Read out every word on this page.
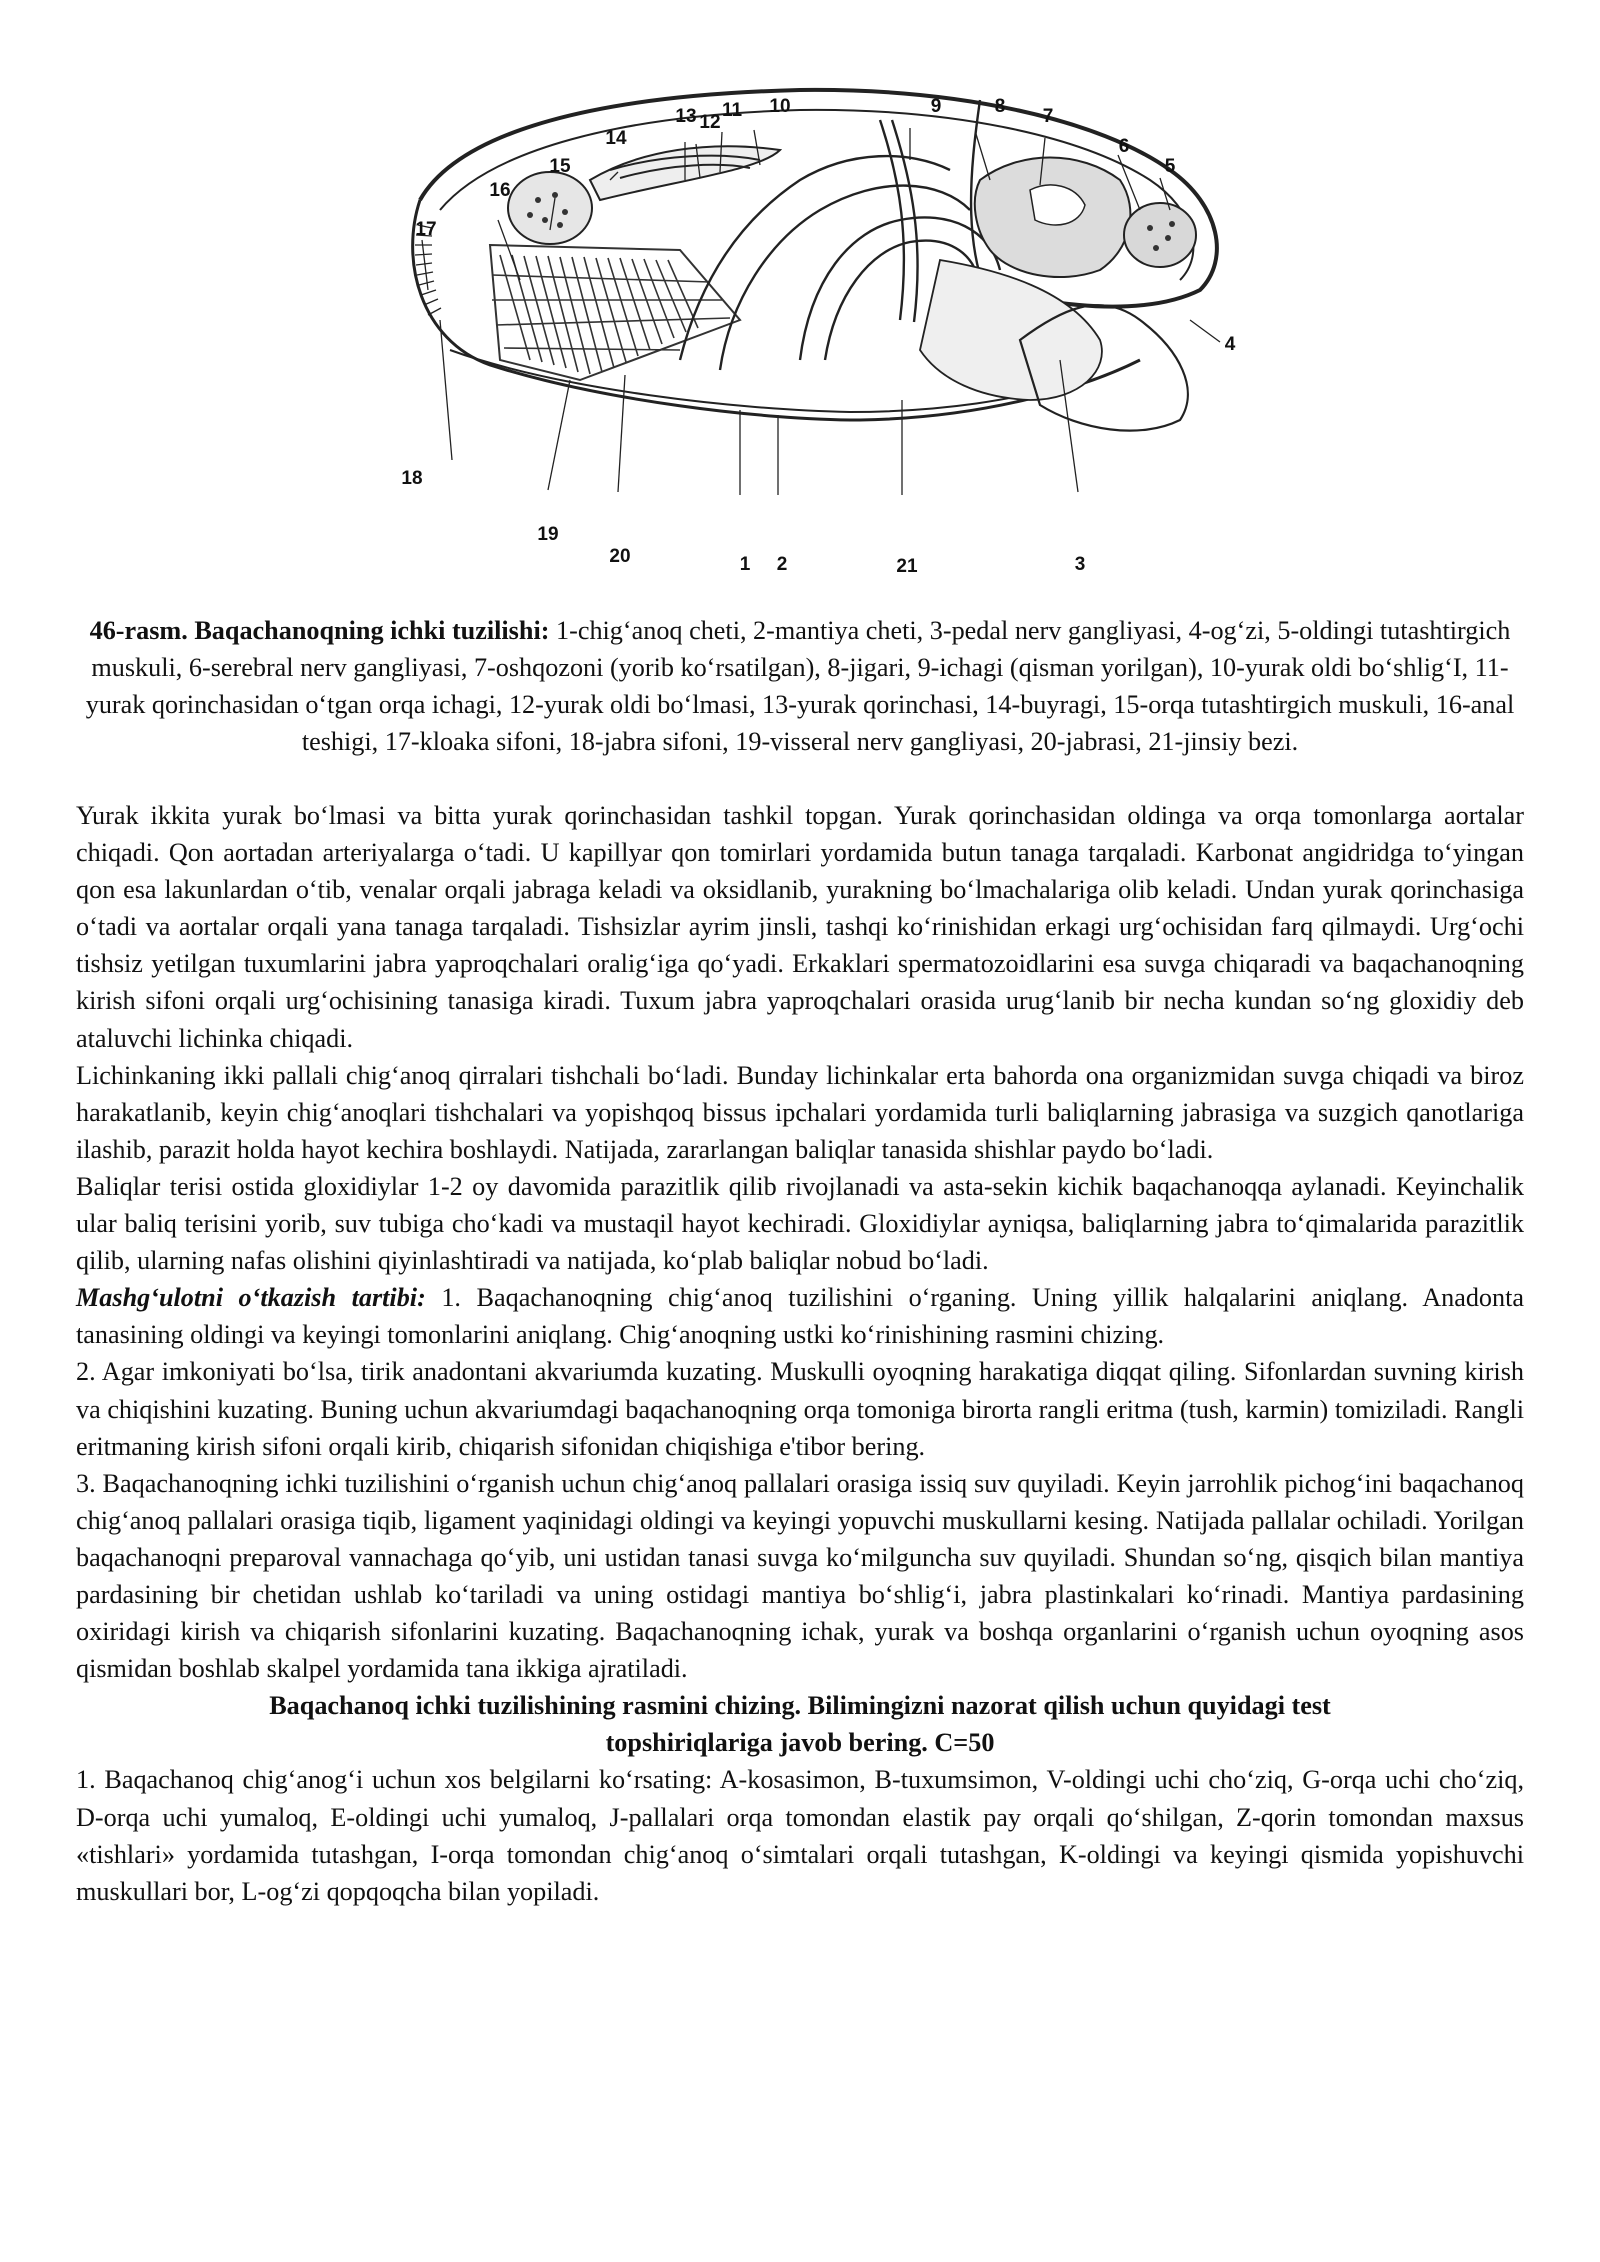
1 2	3
4
5
6
7
8
9
10
11
12
13
14
15
16
17
18
19
20	21
46-rasm. Baqachanoqning ichki tuzilishi: 1-chig‘anoq cheti, 2-mantiya cheti, 3-pedal nerv gangliyasi, 4-og‘zi, 5-oldingi tutashtirgich muskuli, 6-serebral nerv gangliyasi, 7-oshqozoni (yorib ko‘rsatilgan), 8-jigari, 9-ichagi (qisman yorilgan), 10-yurak oldi bo‘shlig‘I, 11-yurak qorinchasidan o‘tgan orqa ichagi, 12-yurak oldi bo‘lmasi, 13-yurak qorinchasi, 14-buyragi, 15-orqa tutashtirgich muskuli, 16-anal teshigi, 17-kloaka sifoni, 18-jabra sifoni, 19-visseral nerv gangliyasi, 20-jabrasi, 21-jinsiy bezi.
Yurak ikkita yurak bo‘lmasi va bitta yurak qorinchasidan tashkil topgan. Yurak qorinchasidan oldinga va orqa tomonlarga aortalar chiqadi. Qon aortadan arteriyalarga o‘tadi. U kapillyar qon tomirlari yordamida butun tanaga tarqaladi. Karbonat angidridga to‘yingan qon esa lakunlardan o‘tib, venalar orqali jabraga keladi va oksidlanib, yurakning bo‘lmachalariga olib keladi. Undan yurak qorinchasiga o‘tadi va aortalar orqali yana tanaga tarqaladi. Tishsizlar ayrim jinsli, tashqi ko‘rinishidan erkagi urg‘ochisidan farq qilmaydi. Urg‘ochi tishsiz yetilgan tuxumlarini jabra yaproqchalari oralig‘iga qo‘yadi. Erkaklari spermatozoidlarini esa suvga chiqaradi va baqachanoqning kirish sifoni orqali urg‘ochisining tanasiga kiradi. Tuxum jabra yaproqchalari orasida urug‘lanib bir necha kundan so‘ng gloxidiy deb ataluvchi lichinka chiqadi.
Lichinkaning ikki pallali chig‘anoq qirralari tishchali bo‘ladi. Bunday lichinkalar erta bahorda ona organizmidan suvga chiqadi va biroz harakatlanib, keyin chig‘anoqlari tishchalari va yopishqoq bissus ipchalari yordamida turli baliqlarning jabrasiga va suzgich qanotlariga ilashib, parazit holda hayot kechira boshlaydi. Natijada, zararlangan baliqlar tanasida shishlar paydo bo‘ladi.
Baliqlar terisi ostida gloxidiylar 1-2 oy davomida parazitlik qilib rivojlanadi va asta-sekin kichik baqachanoqqa aylanadi. Keyinchalik ular baliq terisini yorib, suv tubiga cho‘kadi va mustaqil hayot kechiradi. Gloxidiylar ayniqsa, baliqlarning jabra to‘qimalarida parazitlik qilib, ularning nafas olishini qiyinlashtiradi va natijada, ko‘plab baliqlar nobud bo‘ladi.
Mashg‘ulotni o‘tkazish tartibi: 1. Baqachanoqning chig‘anoq tuzilishini o‘rganing. Uning yillik halqalarini aniqlang. Anadonta tanasining oldingi va keyingi tomonlarini aniqlang. Chig‘anoqning ustki ko‘rinishining rasmini chizing.
2. Agar imkoniyati bo‘lsa, tirik anadontani akvariumda kuzating. Muskulli oyoqning harakatiga diqqat qiling. Sifonlardan suvning kirish va chiqishini kuzating. Buning uchun akvariumdagi baqachanoqning orqa tomoniga birorta rangli eritma (tush, karmin) tomiziladi. Rangli eritmaning kirish sifoni orqali kirib, chiqarish sifonidan chiqishiga e'tibor bering.
3. Baqachanoqning ichki tuzilishini o‘rganish uchun chig‘anoq pallalari orasiga issiq suv quyiladi. Keyin jarrohlik pichog‘ini baqachanoq chig‘anoq pallalari orasiga tiqib, ligament yaqinidagi oldingi va keyingi yopuvchi muskullarni kesing. Natijada pallalar ochiladi. Yorilgan baqachanoqni preparoval vannachaga qo‘yib, uni ustidan tanasi suvga ko‘milguncha suv quyiladi. Shundan so‘ng, qisqich bilan mantiya pardasining bir chetidan ushlab ko‘tariladi va uning ostidagi mantiya bo‘shlig‘i, jabra plastinkalari ko‘rinadi. Mantiya pardasining oxiridagi kirish va chiqarish sifonlarini kuzating. Baqachanoqning ichak, yurak va boshqa organlarini o‘rganish uchun oyoqning asos qismidan boshlab skalpel yordamida tana ikkiga ajratiladi.
Baqachanoq ichki tuzilishining rasmini chizing. Bilimingizni nazorat qilish uchun quyidagi test
topshiriqlariga javob bering. C=50
1. Baqachanoq chig‘anog‘i uchun xos belgilarni ko‘rsating: A-kosasimon, B-tuxumsimon, V-oldingi uchi cho‘ziq, G-orqa uchi cho‘ziq, D-orqa uchi yumaloq, E-oldingi uchi yumaloq, J-pallalari orqa tomondan elastik pay orqali qo‘shilgan, Z-qorin tomondan maxsus «tishlari» yordamida tutashgan, I-orqa tomondan chig‘anoq o‘simtalari orqali tutashgan, K-oldingi va keyingi qismida yopishuvchi muskullari bor, L-og‘zi qopqoqcha bilan yopiladi.
